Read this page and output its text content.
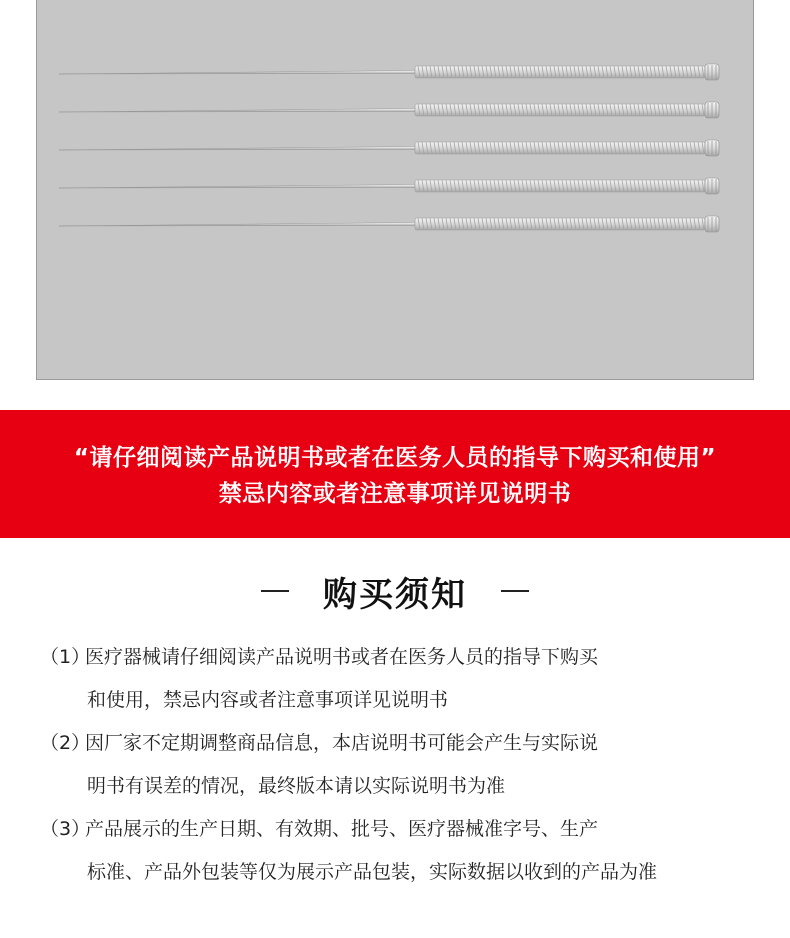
“请仔细阅读产品说明书或者在医务人员的指导下购买和使用”
禁忌内容或者注意事项详见说明书
购买须知
（1）医疗器械请仔细阅读产品说明书或者在医务人员的指导下购买
和使用，禁忌内容或者注意事项详见说明书
（2）因厂家不定期调整商品信息，本店说明书可能会产生与实际说
明书有误差的情况，最终版本请以实际说明书为准
（3）产品展示的生产日期、有效期、批号、医疗器械准字号、生产
标准、产品外包装等仅为展示产品包装，实际数据以收到的产品为准
